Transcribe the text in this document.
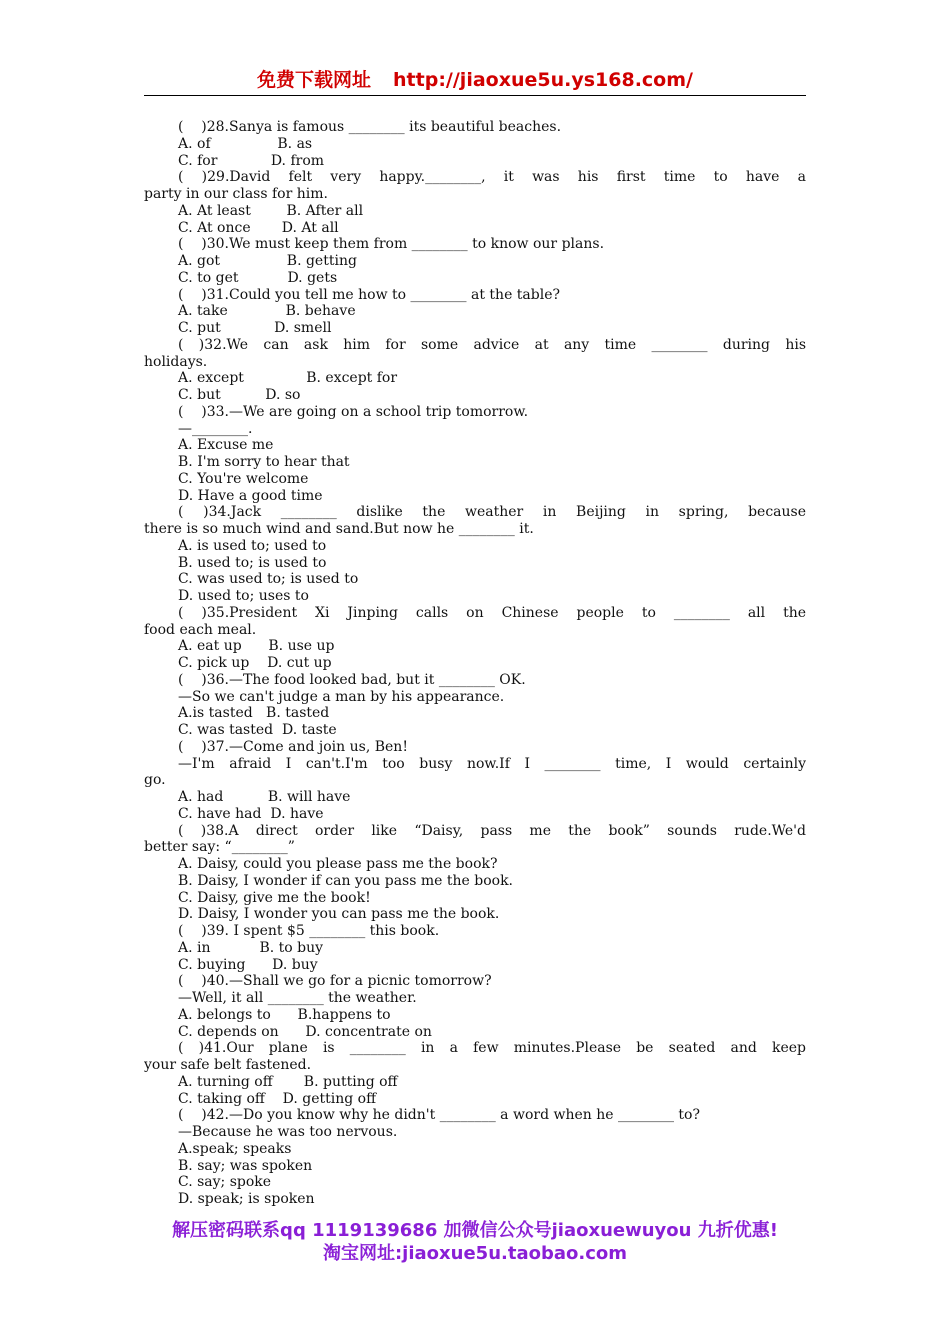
免费下载网址 http://jiaoxue5u.ys168.com/
(    )28.Sanya is famous ________ its beautiful beaches.
A. of               B. as
C. for            D. from
( )29.David felt very happy.________, it was his first time to have a
party in our class for him.
A. At least        B. After all
C. At once       D. At all
(    )30.We must keep them from ________ to know our plans.
A. got               B. getting
C. to get           D. gets
(    )31.Could you tell me how to ________ at the table?
A. take             B. behave
C. put            D. smell
( )32.We can ask him for some advice at any time ________ during his
holidays.
A. except              B. except for
C. but          D. so
(    )33.—We are going on a school trip tomorrow.
—________.
A. Excuse me
B. I'm sorry to hear that
C. You're welcome
D. Have a good time
( )34.Jack ________ dislike the weather in Beijing in spring, because
there is so much wind and sand.But now he ________ it.
A. is used to; used to
B. used to; is used to
C. was used to; is used to
D. used to; uses to
( )35.President Xi Jinping calls on Chinese people to ________ all the
food each meal.
A. eat up      B. use up
C. pick up    D. cut up
(    )36.—The food looked bad, but it ________ OK.
—So we can't judge a man by his appearance.
A.is tasted   B. tasted
C. was tasted  D. taste
(    )37.—Come and join us, Ben!
—I'm afraid I can't.I'm too busy now.If I ________ time, I would certainly
go.
A. had          B. will have
C. have had  D. have
( )38.A direct order like “Daisy, pass me the book” sounds rude.We'd
better say: “________”
A. Daisy, could you please pass me the book?
B. Daisy, I wonder if can you pass me the book.
C. Daisy, give me the book!
D. Daisy, I wonder you can pass me the book.
(    )39. I spent $5 ________ this book.
A. in           B. to buy
C. buying      D. buy
(    )40.—Shall we go for a picnic tomorrow?
—Well, it all ________ the weather.
A. belongs to      B.happens to
C. depends on      D. concentrate on
( )41.Our plane is ________ in a few minutes.Please be seated and keep
your safe belt fastened.
A. turning off       B. putting off
C. taking off    D. getting off
(    )42.—Do you know why he didn't ________ a word when he ________ to?
—Because he was too nervous.
A.speak; speaks
B. say; was spoken
C. say; spoke
D. speak; is spoken
解压密码联系qq 1119139686 加微信公众号jiaoxuewuyou 九折优惠!
淘宝网址:jiaoxue5u.taobao.com
